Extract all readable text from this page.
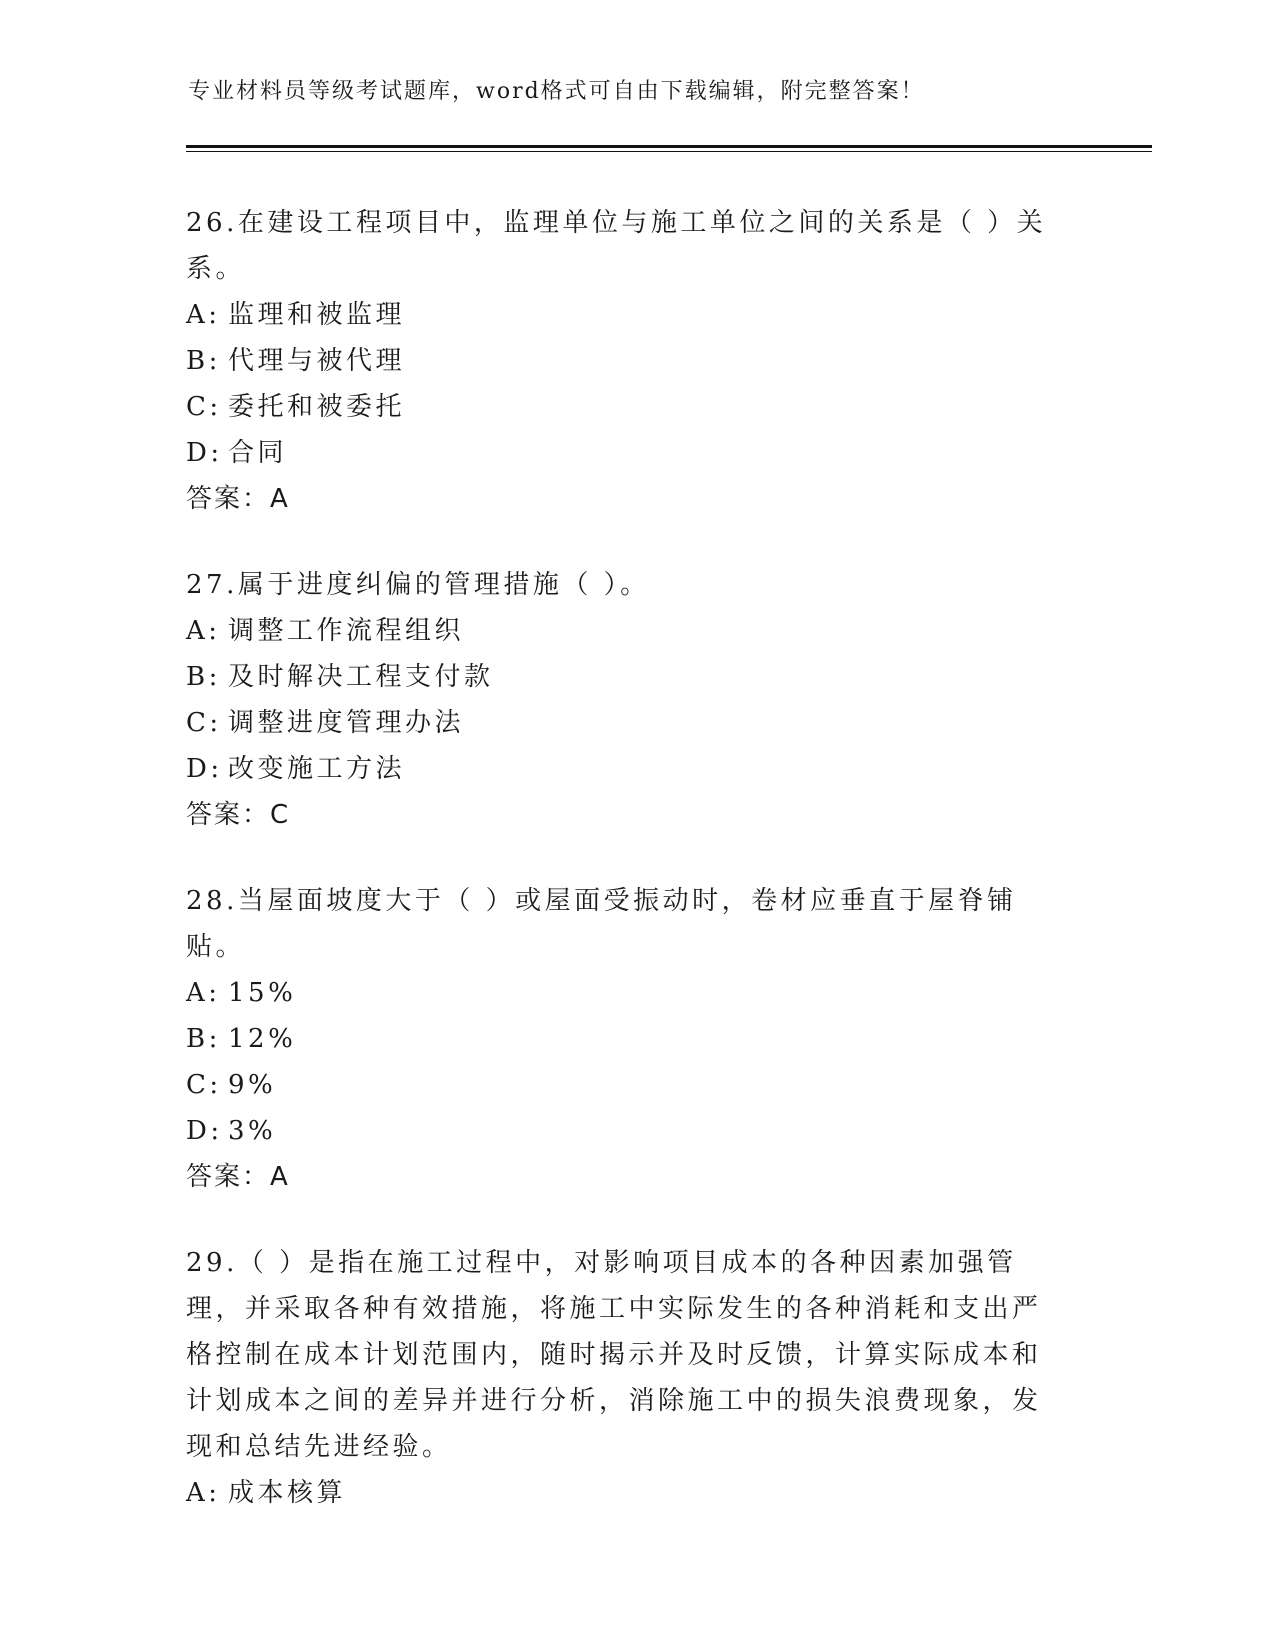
专业材料员等级考试题库，word格式可自由下载编辑，附完整答案！

26.在建设工程项目中，监理单位与施工单位之间的关系是（ ）关系。

A: 监理和被监理

B: 代理与被代理

C: 委托和被委托

D: 合同

答案：A

27.属于进度纠偏的管理措施（ ）。

A: 调整工作流程组织

B: 及时解决工程支付款

C: 调整进度管理办法

D: 改变施工方法

答案：C

28.当屋面坡度大于（ ）或屋面受振动时，卷材应垂直于屋脊铺贴。

A: 15%

B: 12%

C: 9%

D: 3%

答案：A

29.（ ）是指在施工过程中，对影响项目成本的各种因素加强管理，并采取各种有效措施，将施工中实际发生的各种消耗和支出严格控制在成本计划范围内，随时揭示并及时反馈，计算实际成本和计划成本之间的差异并进行分析，消除施工中的损失浪费现象，发现和总结先进经验。

A: 成本核算
